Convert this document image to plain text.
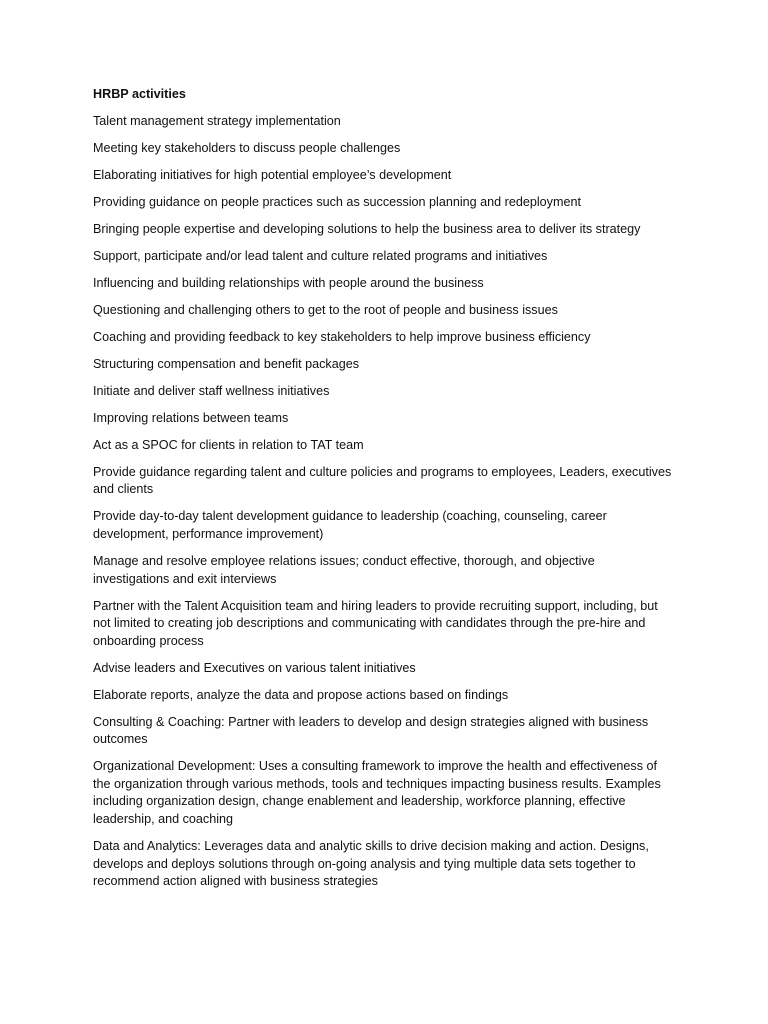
HRBP activities

Talent management strategy implementation

Meeting key stakeholders to discuss people challenges

Elaborating initiatives for high potential employee’s development

Providing guidance on people practices such as succession planning and redeployment

Bringing people expertise and developing solutions to help the business area to deliver its strategy

Support, participate and/or lead talent and culture related programs and initiatives

Influencing and building relationships with people around the business

Questioning and challenging others to get to the root of people and business issues

Coaching and providing feedback to key stakeholders to help improve business efficiency

Structuring compensation and benefit packages

Initiate and deliver staff wellness initiatives

Improving relations between teams

Act as a SPOC for clients in relation to TAT team

Provide guidance regarding talent and culture policies and programs to employees, Leaders, executives and clients

Provide day-to-day talent development guidance to leadership (coaching, counseling, career development, performance improvement)

Manage and resolve employee relations issues; conduct effective, thorough, and objective investigations and exit interviews

Partner with the Talent Acquisition team and hiring leaders to provide recruiting support, including, but not limited to creating job descriptions and communicating with candidates through the pre-hire and onboarding process

Advise leaders and Executives on various talent initiatives

Elaborate reports, analyze the data and propose actions based on findings

Consulting & Coaching: Partner with leaders to develop and design strategies aligned with business outcomes

Organizational Development: Uses a consulting framework to improve the health and effectiveness of the organization through various methods, tools and techniques impacting business results. Examples including organization design, change enablement and leadership, workforce planning, effective leadership, and coaching

Data and Analytics: Leverages data and analytic skills to drive decision making and action. Designs, develops and deploys solutions through on-going analysis and tying multiple data sets together to recommend action aligned with business strategies
